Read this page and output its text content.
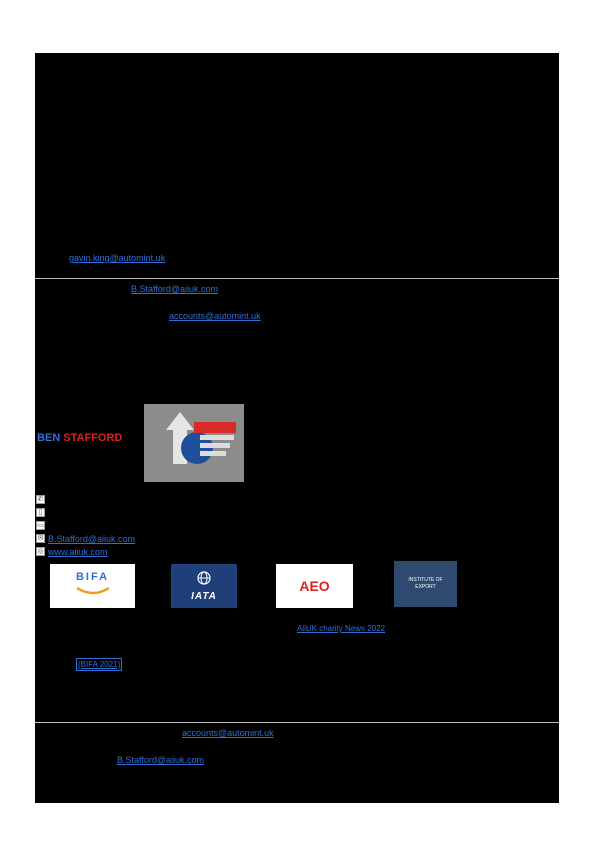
gavin.king@automint.uk
B.Stafford@aiiuk.com
accounts@automint.uk
BEN STAFFORD
✆
▯
▭
✉ B.Stafford@aiiuk.com
◎ www.aiiuk.com
BIFA
IATA
AEO	INSTITUTE OF EXPORT
AiiUK charity News 2022
(BIFA 2021)
accounts@automint.uk
B.Stafford@aiiuk.com
